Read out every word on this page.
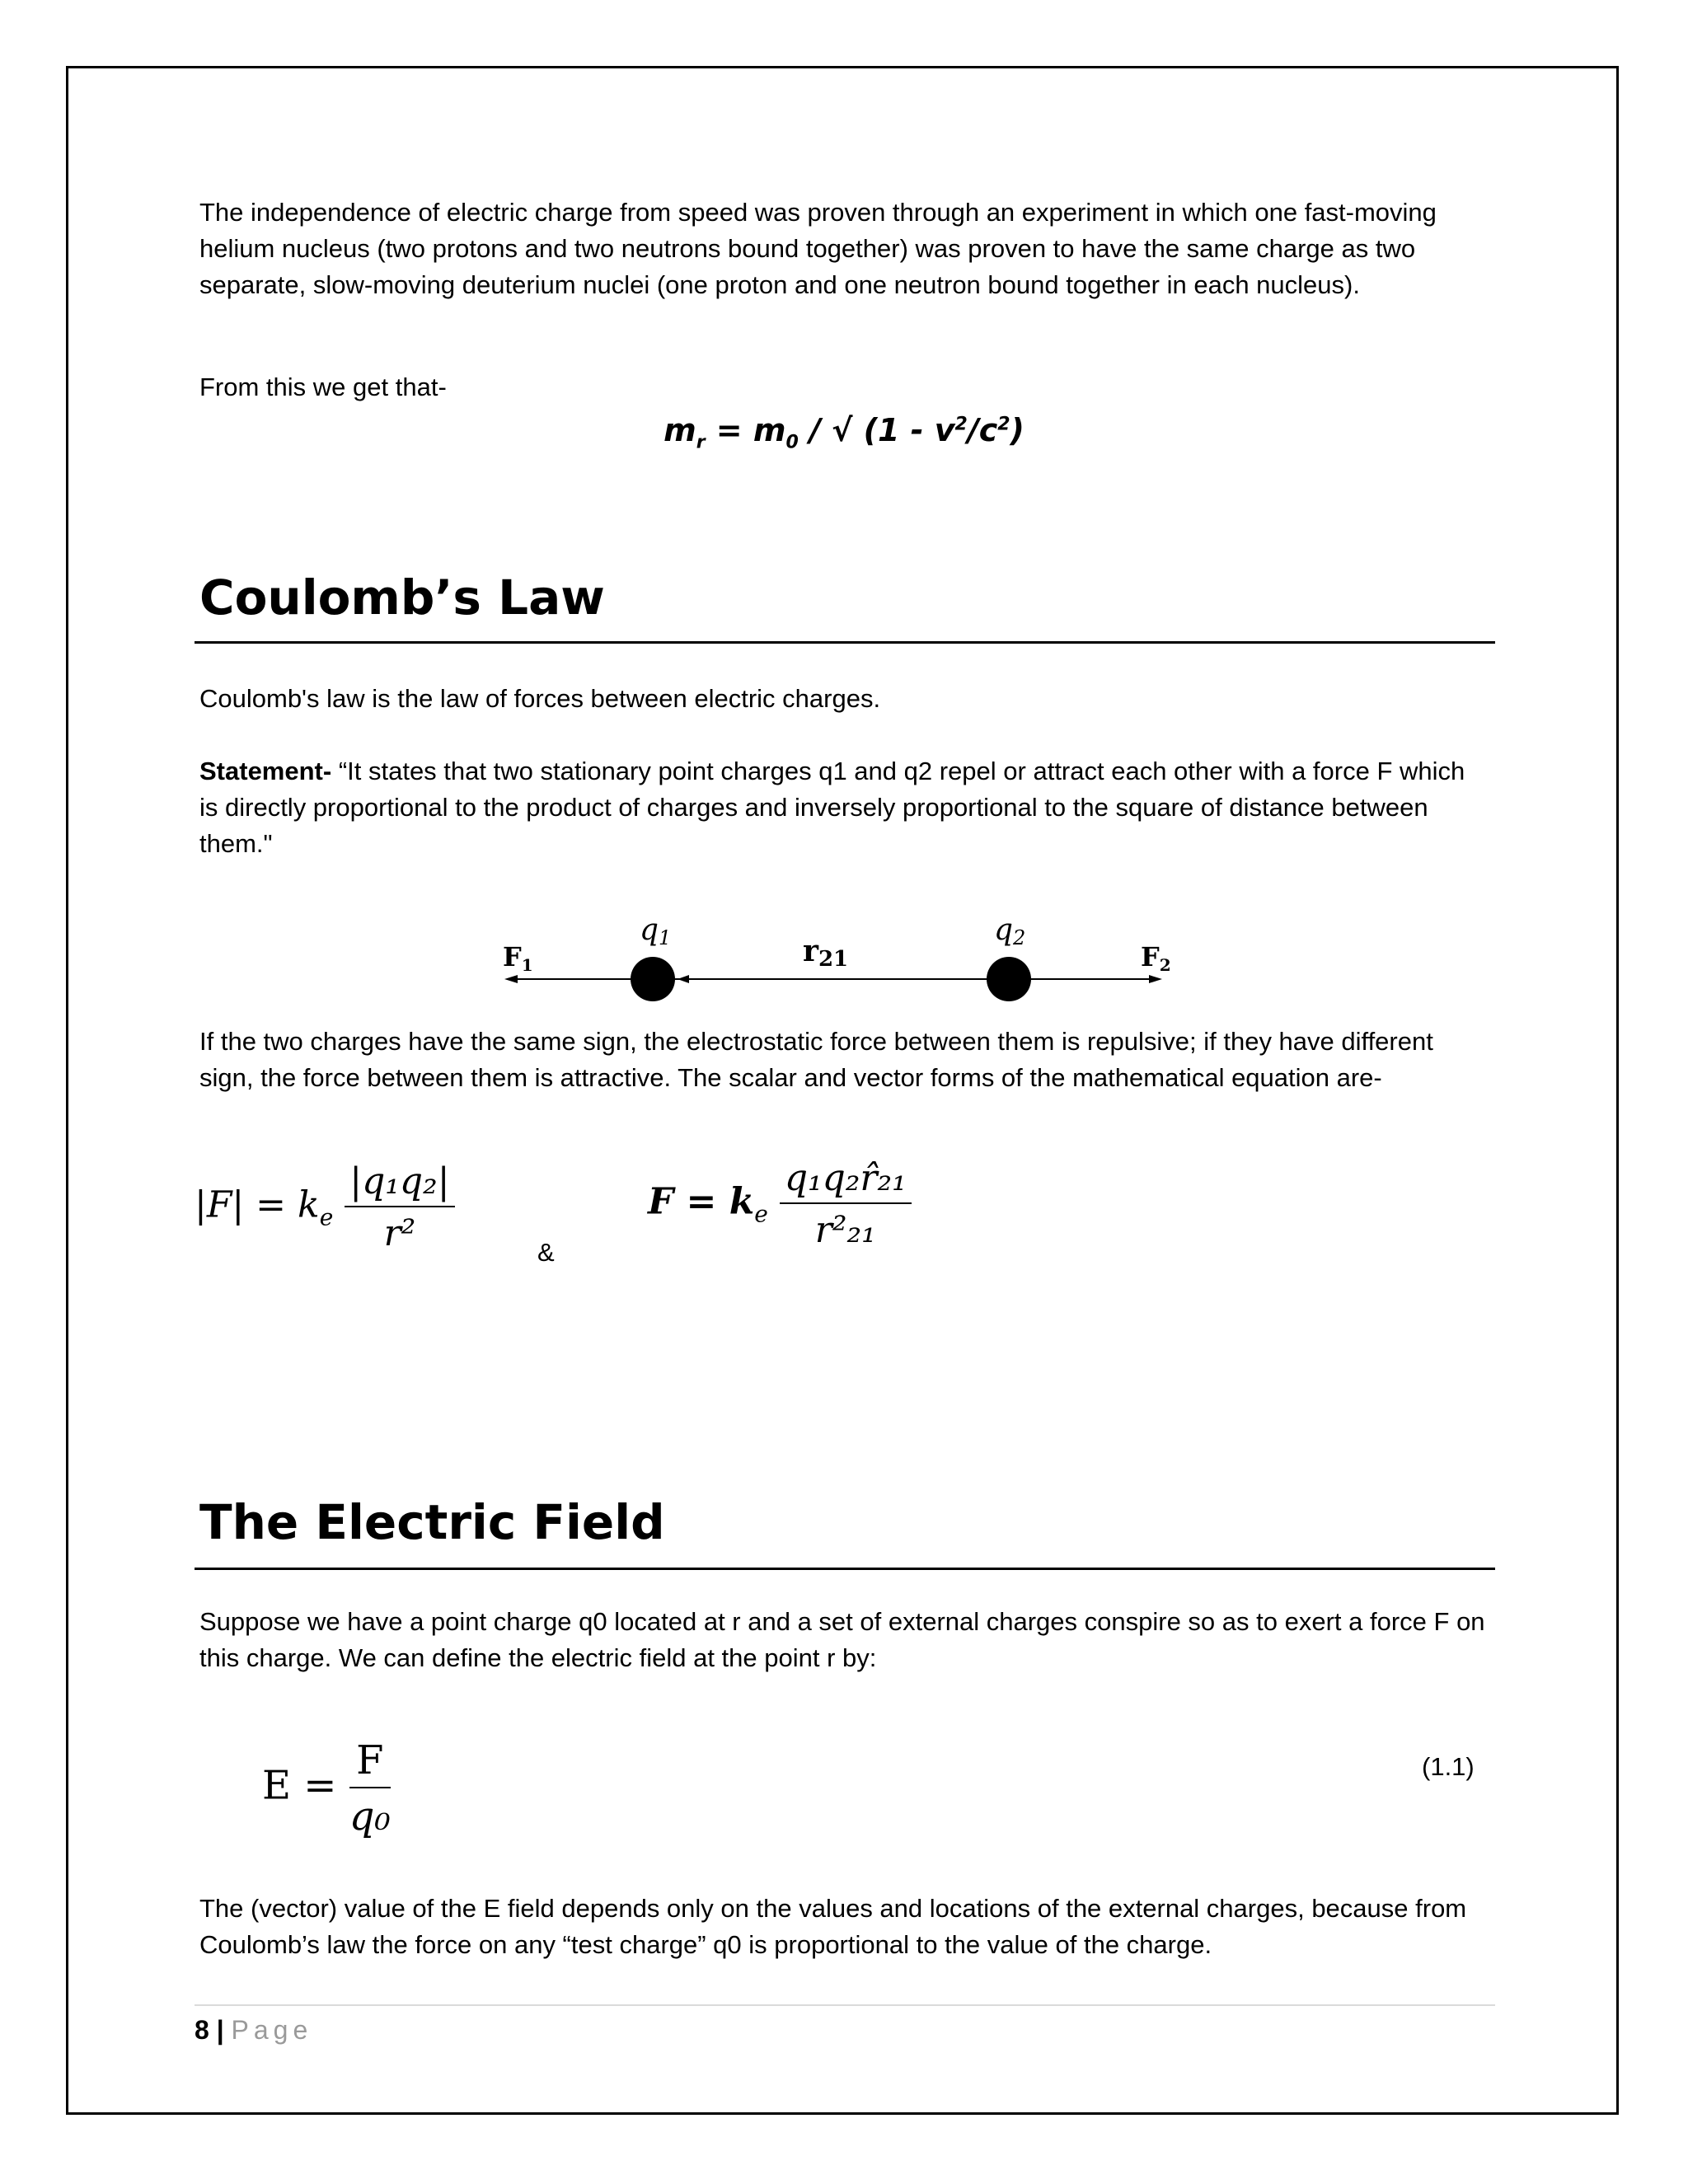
The independence of electric charge from speed was proven through an experiment in which one fast-moving helium nucleus (two protons and two neutrons bound together) was proven to have the same charge as two separate, slow-moving deuterium nuclei (one proton and one neutron bound together in each nucleus).

From this we get that-

$m_r = m_0$ / √ $(1 - v^2/c^2)$
Coulomb’s Law

Coulomb's law is the law of forces between electric charges.

Statement- “It states that two stationary point charges q1 and q2 repel or attract each other with a force F which is directly proportional to the product of charges and inversely proportional to the square of distance between them."

F1
q1	r21
q2
F2

If the two charges have the same sign, the electrostatic force between them is repulsive; if they have different sign, the force between them is attractive. The scalar and vector forms of the mathematical equation are-

$|F| = k_e \frac{\text{|q₁q₂|}}{\text{r²}}$	&
$F = k_e \frac{\text{q₁q₂r̂₂₁}}{\text{r²₂₁}}$
The Electric Field

Suppose we have a point charge q0 located at r and a set of external charges conspire so as to exert a force F on this charge. We can define the electric field at the point r by:

$E = \frac{F}{\text{q₀}}$	(1.1)

The (vector) value of the E field depends only on the values and locations of the external charges, because from Coulomb’s law the force on any “test charge” q0 is proportional to the value of the charge.

8 | Page
